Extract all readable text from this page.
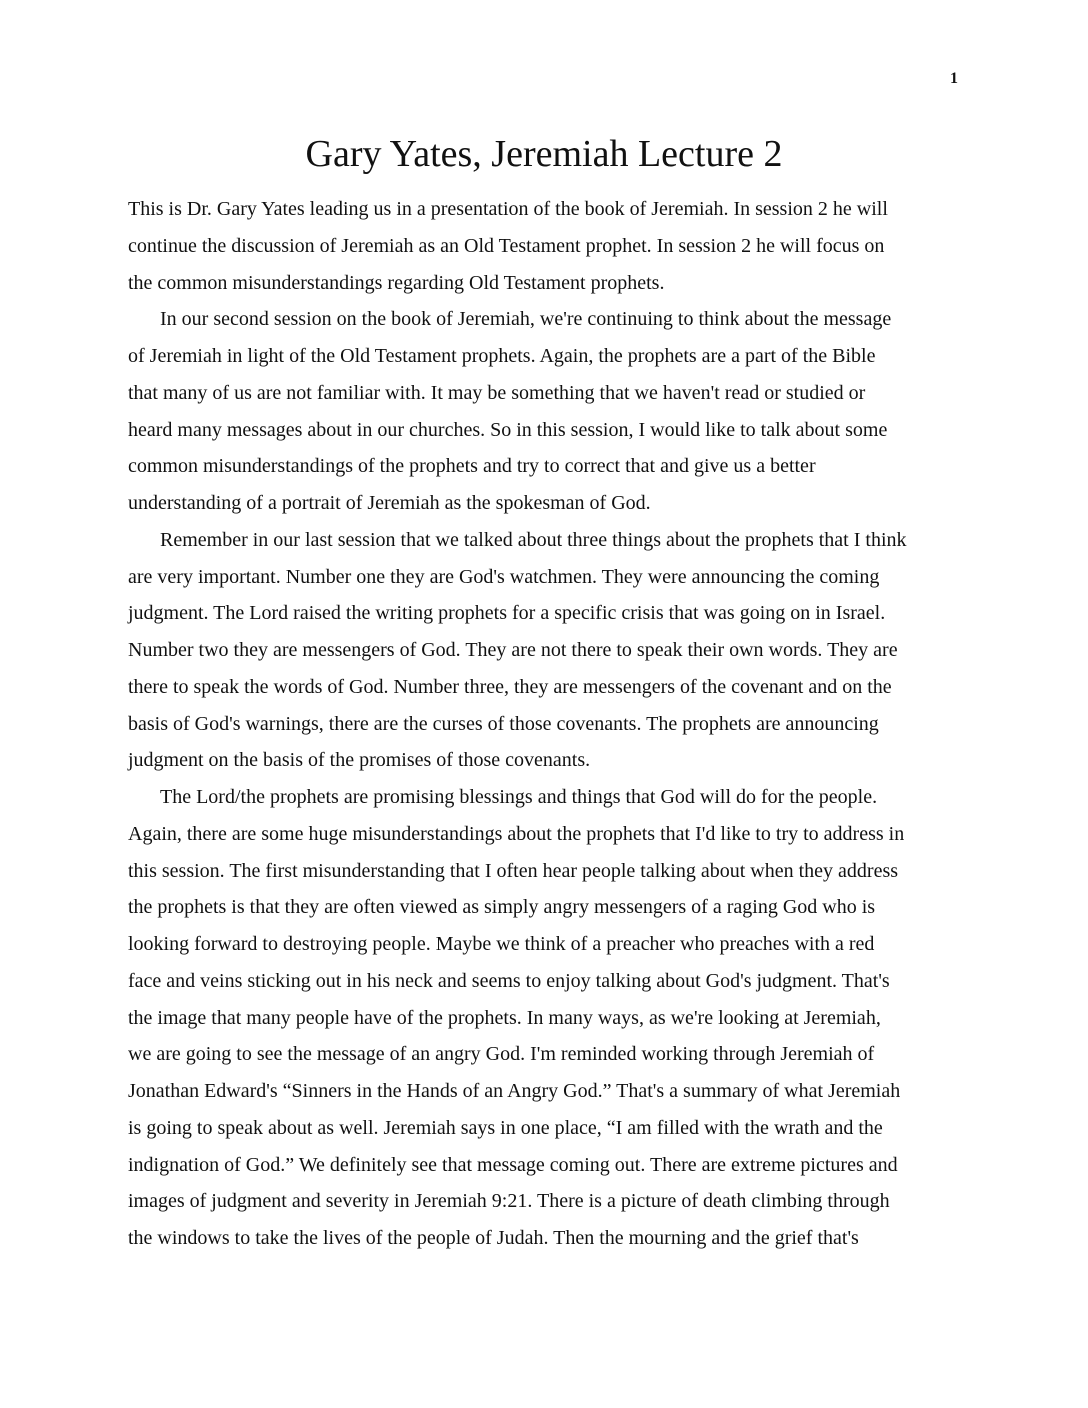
1
Gary Yates, Jeremiah Lecture 2
This is Dr. Gary Yates leading us in a presentation of the book of Jeremiah. In session 2 he will
continue the discussion of Jeremiah as an Old Testament prophet. In session 2 he will focus on
the common misunderstandings regarding Old Testament prophets.
In our second session on the book of Jeremiah, we're continuing to think about the message
of Jeremiah in light of the Old Testament prophets. Again, the prophets are a part of the Bible
that many of us are not familiar with. It may be something that we haven't read or studied or
heard many messages about in our churches. So in this session, I would like to talk about some
common misunderstandings of the prophets and try to correct that and give us a better
understanding of a portrait of Jeremiah as the spokesman of God.
Remember in our last session that we talked about three things about the prophets that I think
are very important. Number one they are God's watchmen. They were announcing the coming
judgment. The Lord raised the writing prophets for a specific crisis that was going on in Israel.
Number two they are messengers of God. They are not there to speak their own words. They are
there to speak the words of God. Number three, they are messengers of the covenant and on the
basis of God's warnings, there are the curses of those covenants. The prophets are announcing
judgment on the basis of the promises of those covenants.
The Lord/the prophets are promising blessings and things that God will do for the people.
Again, there are some huge misunderstandings about the prophets that I'd like to try to address in
this session. The first misunderstanding that I often hear people talking about when they address
the prophets is that they are often viewed as simply angry messengers of a raging God who is
looking forward to destroying people. Maybe we think of a preacher who preaches with a red
face and veins sticking out in his neck and seems to enjoy talking about God's judgment. That's
the image that many people have of the prophets. In many ways, as we're looking at Jeremiah,
we are going to see the message of an angry God. I'm reminded working through Jeremiah of
Jonathan Edward's “Sinners in the Hands of an Angry God.” That's a summary of what Jeremiah
is going to speak about as well. Jeremiah says in one place, “I am filled with the wrath and the
indignation of God.” We definitely see that message coming out. There are extreme pictures and
images of judgment and severity in Jeremiah 9:21. There is a picture of death climbing through
the windows to take the lives of the people of Judah. Then the mourning and the grief that's
